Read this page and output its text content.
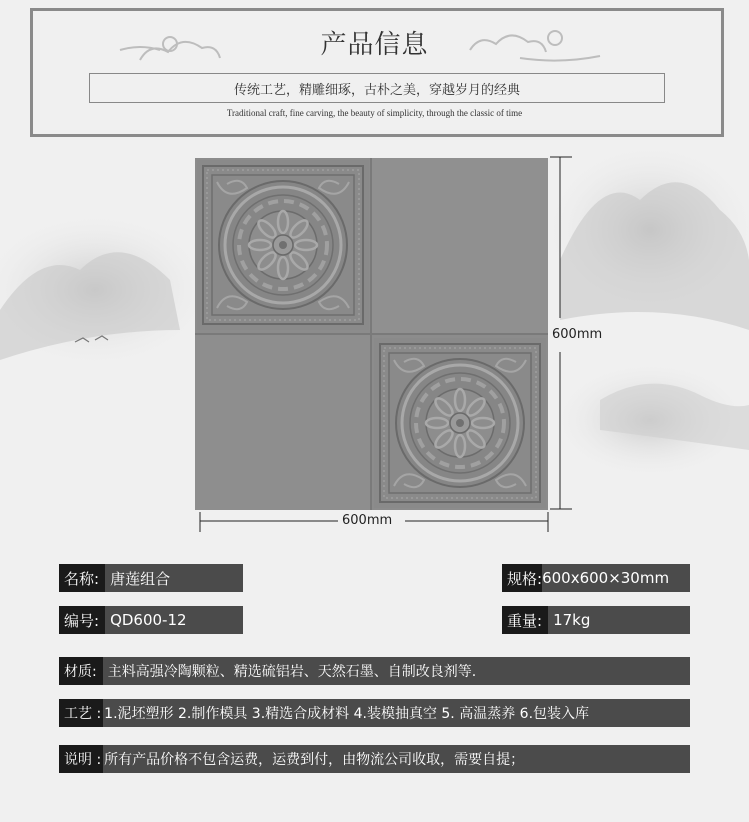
产品信息
传统工艺，精雕细琢，古朴之美，穿越岁月的经典
Traditional craft, fine carving, the beauty of simplicity, through the classic of time
600mm
600mm
名称: 唐莲组合	规格: 600x600×30mm
编号: QD600-12	重量: 17kg
材质: 主料高强冷陶颗粒、精选硫铝岩、天然石墨、自制改良剂等.
工艺 : 1.泥坯塑形 2.制作模具 3.精选合成材料 4.装模抽真空 5. 高温蒸养 6.包装入库
说明 : 所有产品价格不包含运费，运费到付，由物流公司收取，需要自提；
